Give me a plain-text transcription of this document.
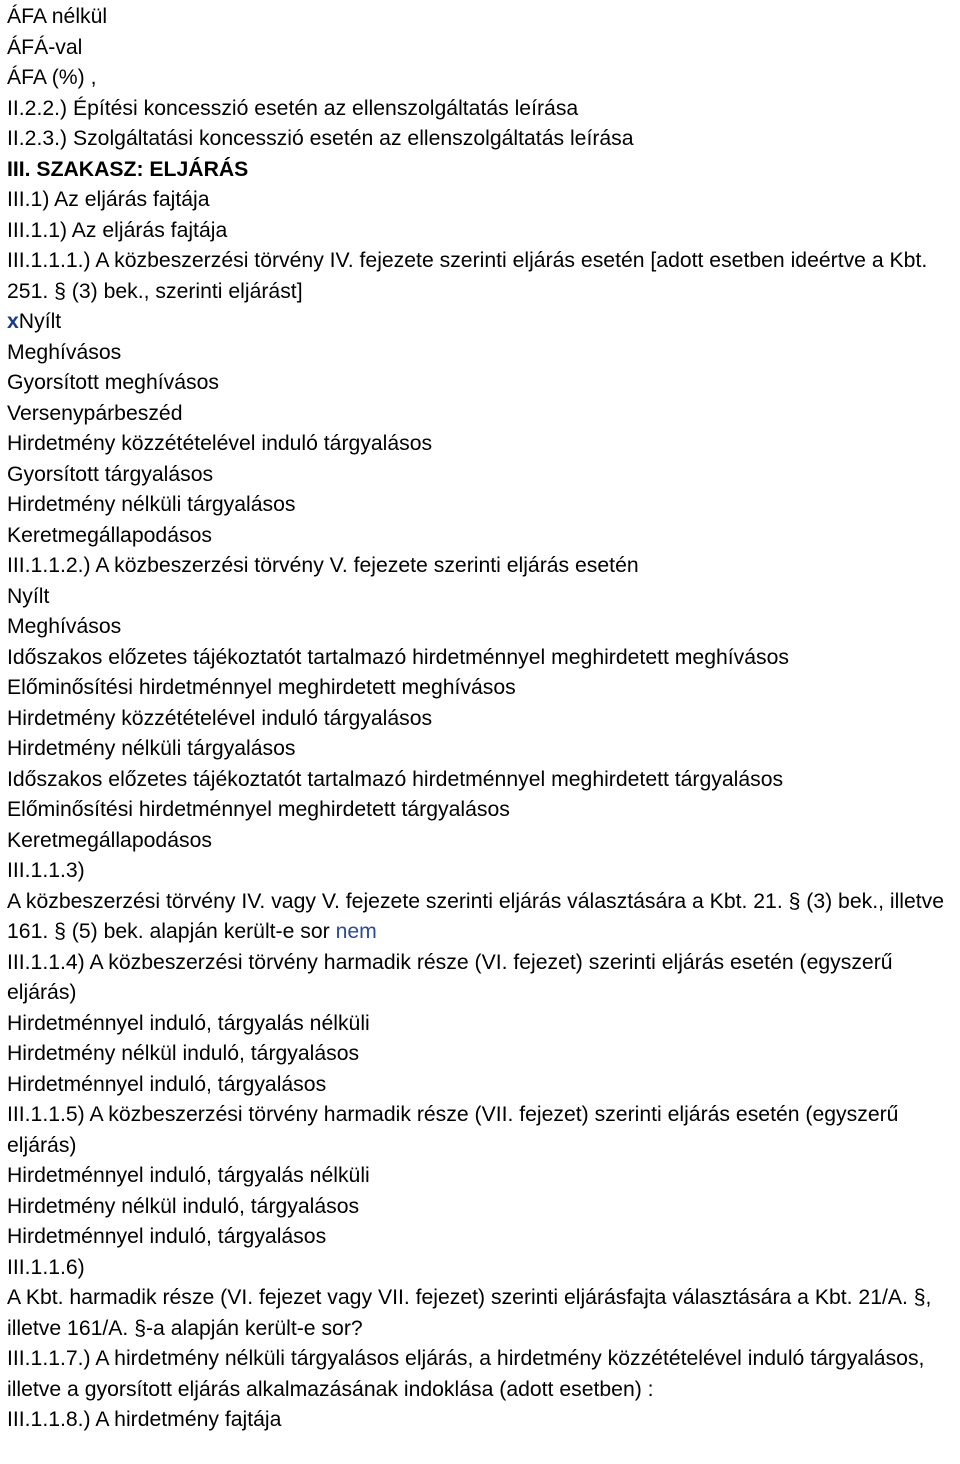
ÁFA nélkül
ÁFÁ-val
ÁFA (%) ,
II.2.2.) Építési koncesszió esetén az ellenszolgáltatás leírása
II.2.3.) Szolgáltatási koncesszió esetén az ellenszolgáltatás leírása
III. SZAKASZ: ELJÁRÁS
III.1) Az eljárás fajtája
III.1.1) Az eljárás fajtája
III.1.1.1.) A közbeszerzési törvény IV. fejezete szerinti eljárás esetén [adott esetben ideértve a Kbt. 251. § (3) bek., szerinti eljárást]
xNyílt
Meghívásos
Gyorsított meghívásos
Versenypárbeszéd
Hirdetmény közzétételével induló tárgyalásos
Gyorsított tárgyalásos
Hirdetmény nélküli tárgyalásos
Keretmegállapodásos
III.1.1.2.) A közbeszerzési törvény V. fejezete szerinti eljárás esetén
Nyílt
Meghívásos
Időszakos előzetes tájékoztatót tartalmazó hirdetménnyel meghirdetett meghívásos
Előminősítési hirdetménnyel meghirdetett meghívásos
Hirdetmény közzétételével induló tárgyalásos
Hirdetmény nélküli tárgyalásos
Időszakos előzetes tájékoztatót tartalmazó hirdetménnyel meghirdetett tárgyalásos
Előminősítési hirdetménnyel meghirdetett tárgyalásos
Keretmegállapodásos
III.1.1.3)
A közbeszerzési törvény IV. vagy V. fejezete szerinti eljárás választására a Kbt. 21. § (3) bek., illetve 161. § (5) bek. alapján került-e sor nem
III.1.1.4) A közbeszerzési törvény harmadik része (VI. fejezet) szerinti eljárás esetén (egyszerű eljárás)
Hirdetménnyel induló, tárgyalás nélküli
Hirdetmény nélkül induló, tárgyalásos
Hirdetménnyel induló, tárgyalásos
III.1.1.5) A közbeszerzési törvény harmadik része (VII. fejezet) szerinti eljárás esetén (egyszerű eljárás)
Hirdetménnyel induló, tárgyalás nélküli
Hirdetmény nélkül induló, tárgyalásos
Hirdetménnyel induló, tárgyalásos
III.1.1.6)
A Kbt. harmadik része (VI. fejezet vagy VII. fejezet) szerinti eljárásfajta választására a Kbt. 21/A. §, illetve 161/A. §-a alapján került-e sor?
III.1.1.7.) A hirdetmény nélküli tárgyalásos eljárás, a hirdetmény közzétételével induló tárgyalásos, illetve a gyorsított eljárás alkalmazásának indoklása (adott esetben) :
III.1.1.8.) A hirdetmény fajtája
